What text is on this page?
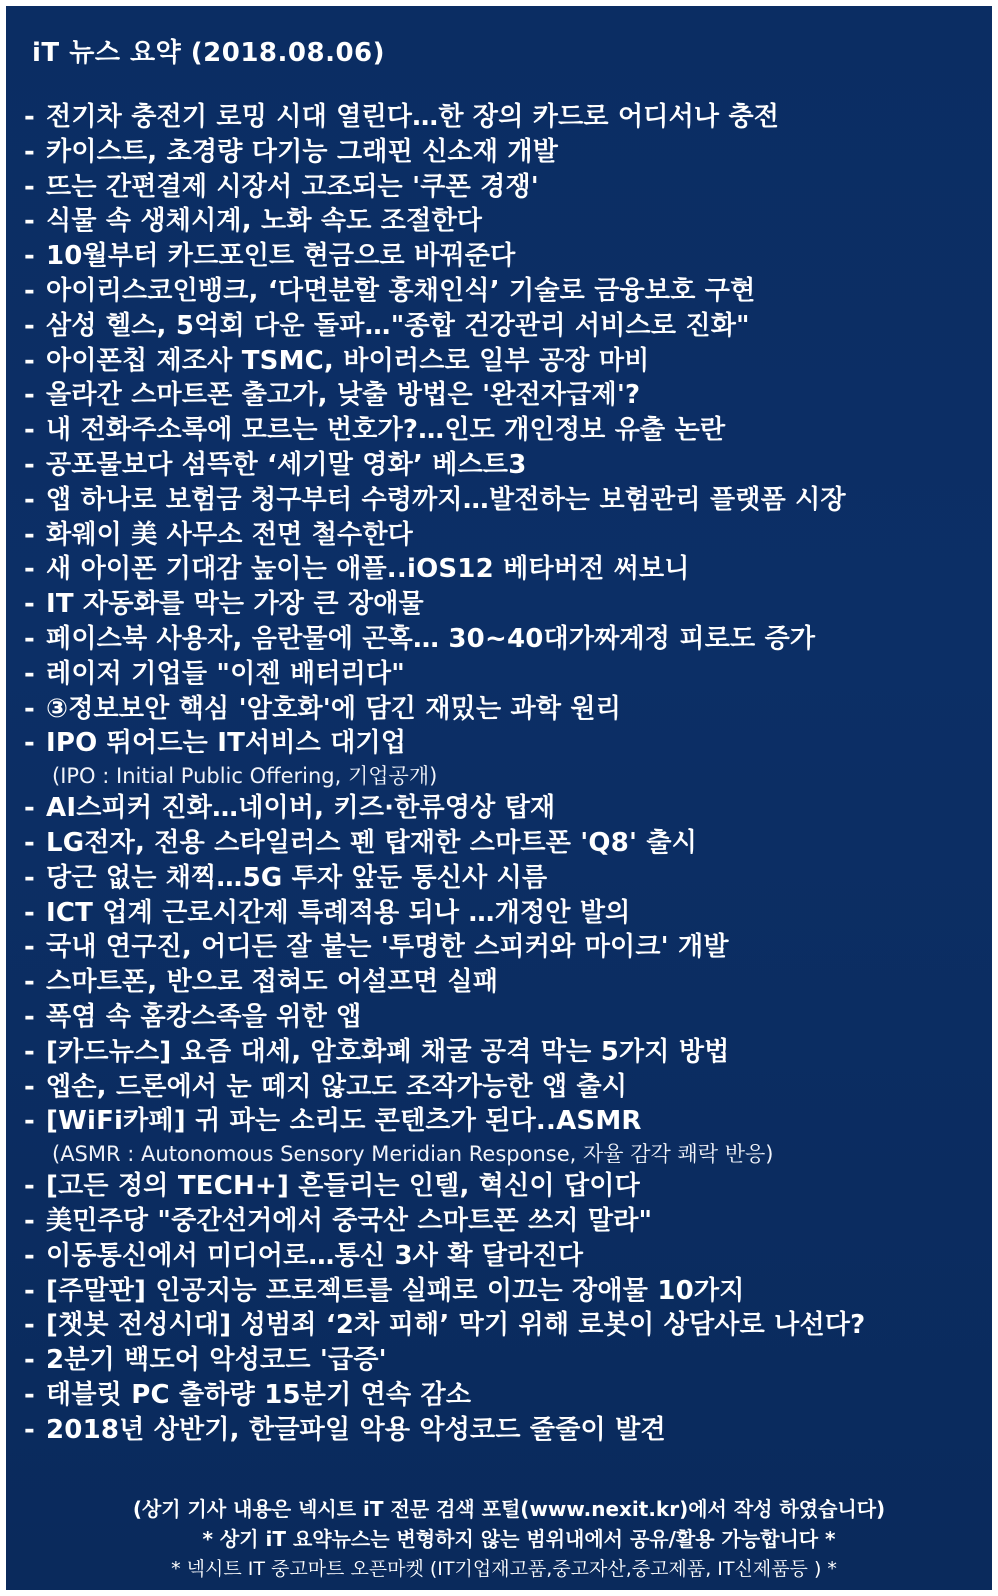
iT 뉴스 요약 (2018.08.06)
- 전기차 충전기 로밍 시대 열린다…한 장의 카드로 어디서나 충전
- 카이스트, 초경량 다기능 그래핀 신소재 개발
- 뜨는 간편결제 시장서 고조되는 '쿠폰 경쟁'
- 식물 속 생체시계, 노화 속도 조절한다
- 10월부터 카드포인트 현금으로 바꿔준다
- 아이리스코인뱅크, ‘다면분할 홍채인식’ 기술로 금융보호 구현
- 삼성 헬스, 5억회 다운 돌파…"종합 건강관리 서비스로 진화"
- 아이폰칩 제조사 TSMC, 바이러스로 일부 공장 마비
- 올라간 스마트폰 출고가, 낮출 방법은 '완전자급제'?
- 내 전화주소록에 모르는 번호가?…인도 개인정보 유출 논란
- 공포물보다 섬뜩한 ‘세기말 영화’ 베스트3
- 앱 하나로 보험금 청구부터 수령까지…발전하는 보험관리 플랫폼 시장
- 화웨이 美 사무소 전면 철수한다
- 새 아이폰 기대감 높이는 애플..iOS12 베타버전 써보니
- IT 자동화를 막는 가장 큰 장애물
- 페이스북 사용자, 음란물에 곤혹… 30~40대가짜계정 피로도 증가
- 레이저 기업들 "이젠 배터리다"
- ③정보보안 핵심 '암호화'에 담긴 재밌는 과학 원리
- IPO 뛰어드는 IT서비스 대기업
(IPO : Initial Public Offering, 기업공개)
- AI스피커 진화…네이버, 키즈·한류영상 탑재
- LG전자, 전용 스타일러스 펜 탑재한 스마트폰 'Q8' 출시
- 당근 없는 채찍…5G 투자 앞둔 통신사 시름
- ICT 업계 근로시간제 특례적용 되나 …개정안 발의
- 국내 연구진, 어디든 잘 붙는 '투명한 스피커와 마이크' 개발
- 스마트폰, 반으로 접혀도 어설프면 실패
- 폭염 속 홈캉스족을 위한 앱
- [카드뉴스] 요즘 대세, 암호화폐 채굴 공격 막는 5가지 방법
- 엡손, 드론에서 눈 떼지 않고도 조작가능한 앱 출시
- [WiFi카페] 귀 파는 소리도 콘텐츠가 된다..ASMR
(ASMR : Autonomous Sensory Meridian Response, 자율 감각 쾌락 반응)
- [고든 정의 TECH+] 흔들리는 인텔, 혁신이 답이다
- 美민주당 "중간선거에서 중국산 스마트폰 쓰지 말라"
- 이동통신에서 미디어로…통신 3사 확 달라진다
- [주말판] 인공지능 프로젝트를 실패로 이끄는 장애물 10가지
- [챗봇 전성시대] 성범죄 ‘2차 피해’ 막기 위해 로봇이 상담사로 나선다?
- 2분기 백도어 악성코드 '급증'
- 태블릿 PC 출하량 15분기 연속 감소
- 2018년 상반기, 한글파일 악용 악성코드 줄줄이 발견
(상기 기사 내용은 넥시트 iT 전문 검색 포털(www.nexit.kr)에서 작성 하였습니다)
* 상기 iT 요약뉴스는 변형하지 않는 범위내에서 공유/활용 가능합니다 *
* 넥시트 IT 중고마트 오픈마켓 (IT기업재고품,중고자산,중고제품, IT신제품등 ) *
